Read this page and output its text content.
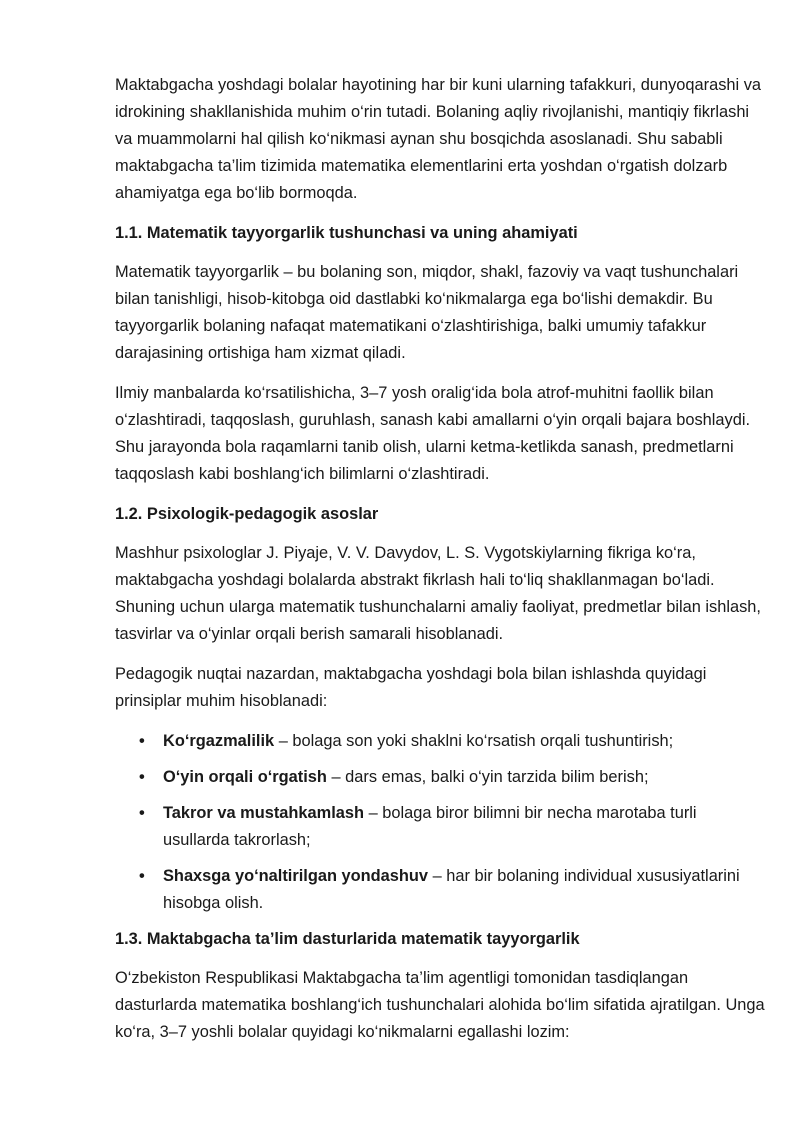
Maktabgacha yoshdagi bolalar hayotining har bir kuni ularning tafakkuri, dunyoqarashi va idrokining shakllanishida muhim o‘rin tutadi. Bolaning aqliy rivojlanishi, mantiqiy fikrlashi va muammolarni hal qilish ko‘nikmasi aynan shu bosqichda asoslanadi. Shu sababli maktabgacha ta’lim tizimida matematika elementlarini erta yoshdan o‘rgatish dolzarb ahamiyatga ega bo‘lib bormoqda.

1.1. Matematik tayyorgarlik tushunchasi va uning ahamiyati

Matematik tayyorgarlik – bu bolaning son, miqdor, shakl, fazoviy va vaqt tushunchalari bilan tanishligi, hisob-kitobga oid dastlabki ko‘nikmalarga ega bo‘lishi demakdir. Bu tayyorgarlik bolaning nafaqat matematikani o‘zlashtirishiga, balki umumiy tafakkur darajasining ortishiga ham xizmat qiladi.

Ilmiy manbalarda ko‘rsatilishicha, 3–7 yosh oralig‘ida bola atrof-muhitni faollik bilan o‘zlashtiradi, taqqoslash, guruhlash, sanash kabi amallarni o‘yin orqali bajara boshlaydi. Shu jarayonda bola raqamlarni tanib olish, ularni ketma-ketlikda sanash, predmetlarni taqqoslash kabi boshlang‘ich bilimlarni o‘zlashtiradi.

1.2. Psixologik-pedagogik asoslar

Mashhur psixologlar J. Piyaje, V. V. Davydov, L. S. Vygotskiylarning fikriga ko‘ra, maktabgacha yoshdagi bolalarda abstrakt fikrlash hali to‘liq shakllanmagan bo‘ladi. Shuning uchun ularga matematik tushunchalarni amaliy faoliyat, predmetlar bilan ishlash, tasvirlar va o‘yinlar orqali berish samarali hisoblanadi.

Pedagogik nuqtai nazardan, maktabgacha yoshdagi bola bilan ishlashda quyidagi prinsiplar muhim hisoblanadi:

• Ko‘rgazmalilik – bolaga son yoki shaklni ko‘rsatish orqali tushuntirish;
• O‘yin orqali o‘rgatish – dars emas, balki o‘yin tarzida bilim berish;
• Takror va mustahkamlash – bolaga biror bilimni bir necha marotaba turli usullarda takrorlash;
• Shaxsga yo‘naltirilgan yondashuv – har bir bolaning individual xususiyatlarini hisobga olish.

1.3. Maktabgacha ta’lim dasturlarida matematik tayyorgarlik

O‘zbekiston Respublikasi Maktabgacha ta’lim agentligi tomonidan tasdiqlangan dasturlarda matematika boshlang‘ich tushunchalari alohida bo‘lim sifatida ajratilgan. Unga ko‘ra, 3–7 yoshli bolalar quyidagi ko‘nikmalarni egallashi lozim:
